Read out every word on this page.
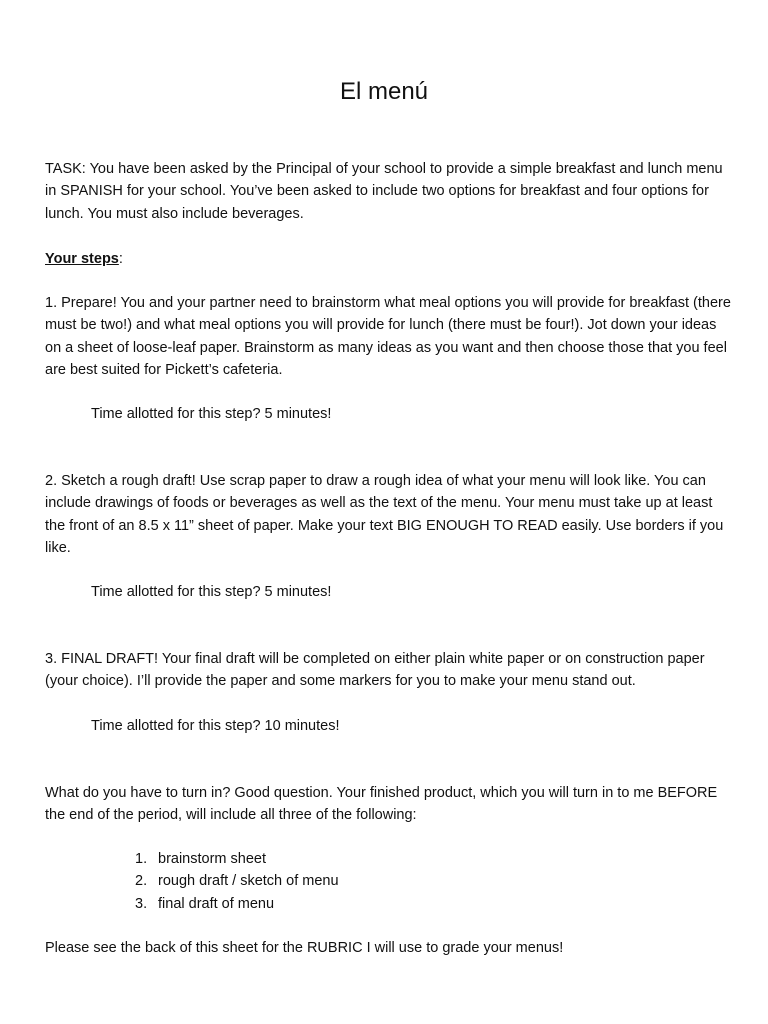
El menú

TASK: You have been asked by the Principal of your school to provide a simple breakfast and lunch menu in SPANISH for your school. You’ve been asked to include two options for breakfast and four options for lunch. You must also include beverages.

Your steps:

1. Prepare! You and your partner need to brainstorm what meal options you will provide for breakfast (there must be two!) and what meal options you will provide for lunch (there must be four!). Jot down your ideas on a sheet of loose-leaf paper. Brainstorm as many ideas as you want and then choose those that you feel are best suited for Pickett’s cafeteria.

Time allotted for this step? 5 minutes!

2. Sketch a rough draft! Use scrap paper to draw a rough idea of what your menu will look like. You can include drawings of foods or beverages as well as the text of the menu. Your menu must take up at least the front of an 8.5 x 11” sheet of paper. Make your text BIG ENOUGH TO READ easily. Use borders if you like.

Time allotted for this step? 5 minutes!

3. FINAL DRAFT! Your final draft will be completed on either plain white paper or on construction paper (your choice). I’ll provide the paper and some markers for you to make your menu stand out.

Time allotted for this step? 10 minutes!

What do you have to turn in? Good question. Your finished product, which you will turn in to me BEFORE the end of the period, will include all three of the following:

1. brainstorm sheet
2. rough draft / sketch of menu
3. final draft of menu

Please see the back of this sheet for the RUBRIC I will use to grade your menus!
